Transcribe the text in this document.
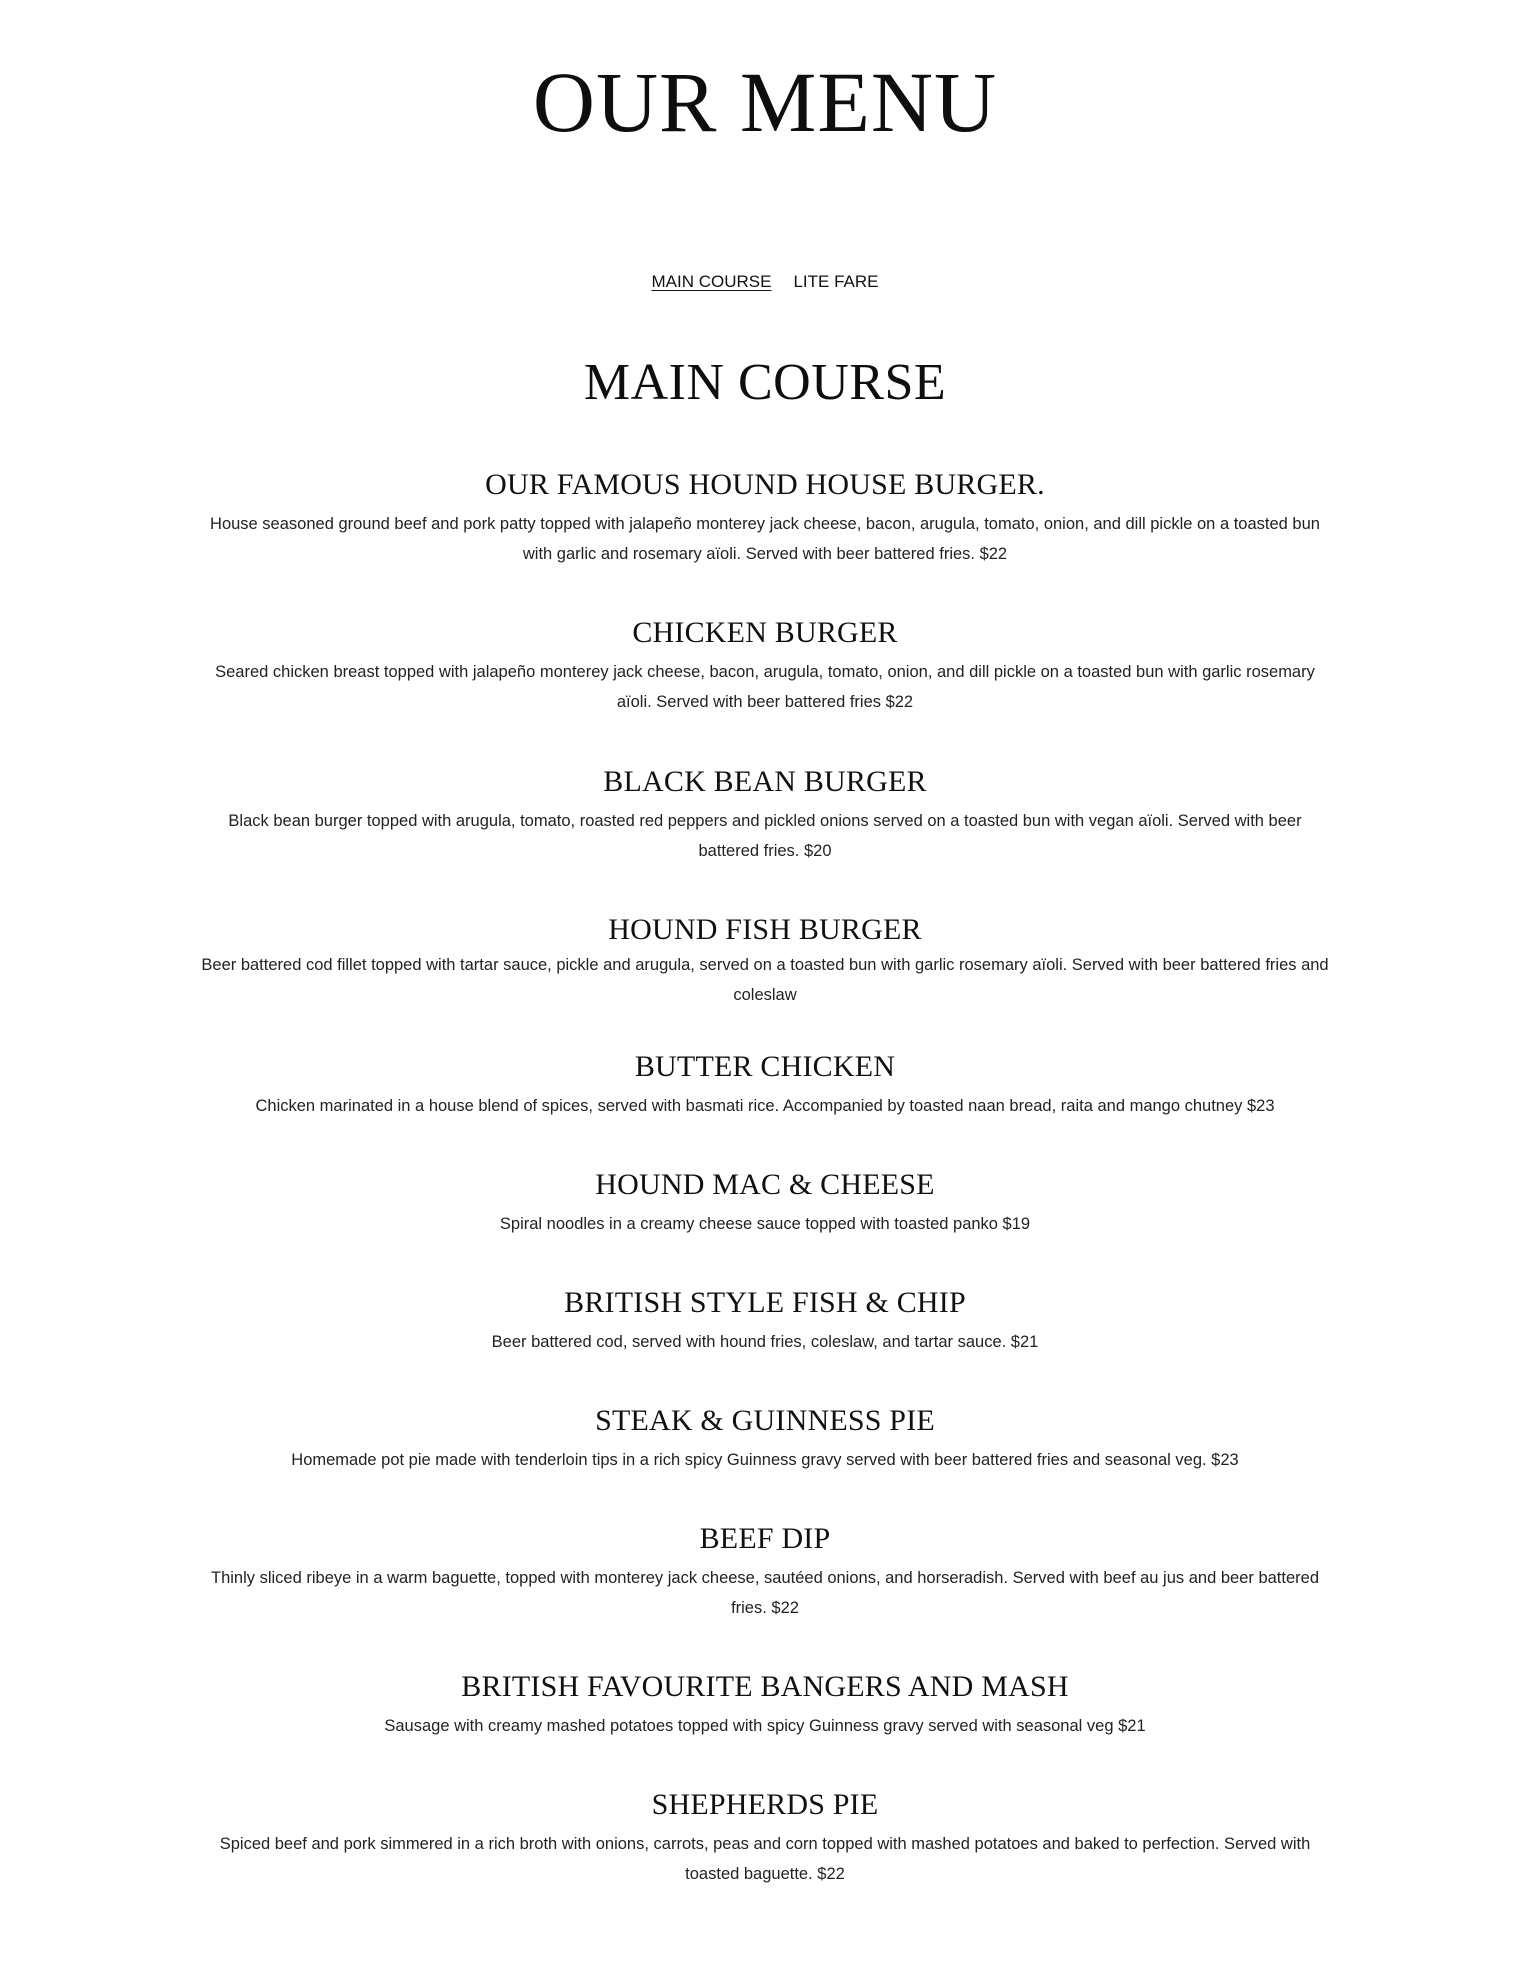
OUR MENU
MAIN COURSE LITE FARE
MAIN COURSE
OUR FAMOUS HOUND HOUSE BURGER.

House seasoned ground beef and pork patty topped with jalapeño monterey jack cheese, bacon, arugula, tomato, onion, and dill pickle on a toasted bun with garlic and rosemary aïoli. Served with beer battered fries. $22

CHICKEN BURGER

Seared chicken breast topped with jalapeño monterey jack cheese, bacon, arugula, tomato, onion, and dill pickle on a toasted bun with garlic rosemary aïoli. Served with beer battered fries $22

BLACK BEAN BURGER

Black bean burger topped with arugula, tomato, roasted red peppers and pickled onions served on a toasted bun with vegan aïoli. Served with beer battered fries. $20

HOUND FISH BURGER

Beer battered cod fillet topped with tartar sauce, pickle and arugula, served on a toasted bun with garlic rosemary aïoli. Served with beer battered fries and coleslaw

BUTTER CHICKEN

Chicken marinated in a house blend of spices, served with basmati rice. Accompanied by toasted naan bread, raita and mango chutney $23

HOUND MAC & CHEESE

Spiral noodles in a creamy cheese sauce topped with toasted panko $19

BRITISH STYLE FISH & CHIP

Beer battered cod, served with hound fries, coleslaw, and tartar sauce. $21

STEAK & GUINNESS PIE

Homemade pot pie made with tenderloin tips in a rich spicy Guinness gravy served with beer battered fries and seasonal veg. $23

BEEF DIP

Thinly sliced ribeye in a warm baguette, topped with monterey jack cheese, sautéed onions, and horseradish. Served with beef au jus and beer battered fries. $22

BRITISH FAVOURITE BANGERS AND MASH

Sausage with creamy mashed potatoes topped with spicy Guinness gravy served with seasonal veg $21

SHEPHERDS PIE

Spiced beef and pork simmered in a rich broth with onions, carrots, peas and corn topped with mashed potatoes and baked to perfection. Served with toasted baguette. $22
